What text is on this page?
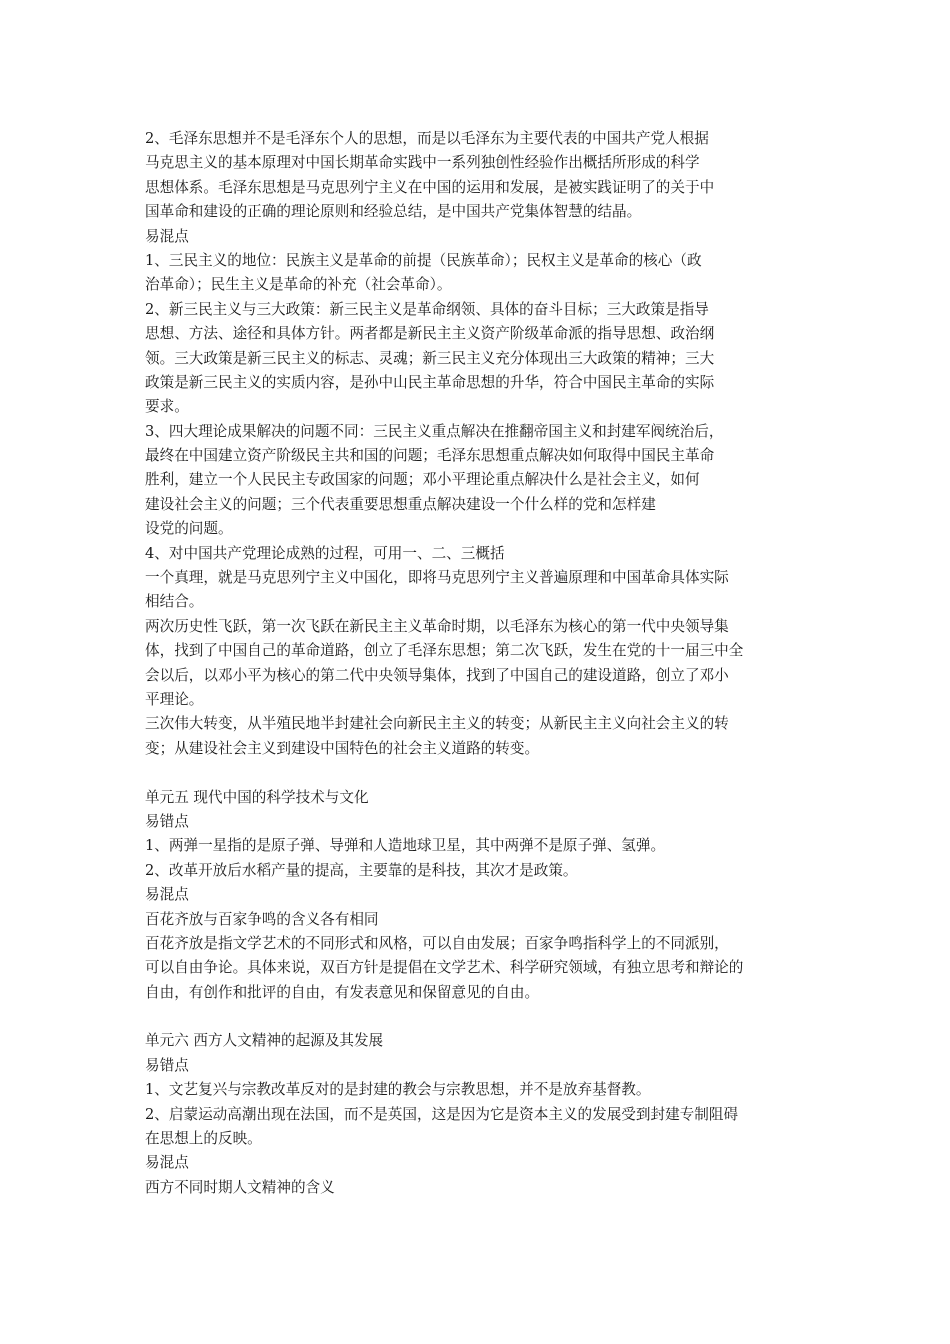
2、毛泽东思想并不是毛泽东个人的思想，而是以毛泽东为主要代表的中国共产党人根据
马克思主义的基本原理对中国长期革命实践中一系列独创性经验作出概括所形成的科学
思想体系。毛泽东思想是马克思列宁主义在中国的运用和发展，是被实践证明了的关于中
国革命和建设的正确的理论原则和经验总结，是中国共产党集体智慧的结晶。
易混点
1、三民主义的地位：民族主义是革命的前提（民族革命）；民权主义是革命的核心（政
治革命）；民生主义是革命的补充（社会革命）。
2、新三民主义与三大政策：新三民主义是革命纲领、具体的奋斗目标；三大政策是指导
思想、方法、途径和具体方针。两者都是新民主主义资产阶级革命派的指导思想、政治纲
领。三大政策是新三民主义的标志、灵魂；新三民主义充分体现出三大政策的精神；三大
政策是新三民主义的实质内容，是孙中山民主革命思想的升华，符合中国民主革命的实际
要求。
3、四大理论成果解决的问题不同：三民主义重点解决在推翻帝国主义和封建军阀统治后，
最终在中国建立资产阶级民主共和国的问题；毛泽东思想重点解决如何取得中国民主革命
胜利，建立一个人民民主专政国家的问题；邓小平理论重点解决什么是社会主义，如何
建设社会主义的问题；三个代表重要思想重点解决建设一个什么样的党和怎样建
设党的问题。
4、对中国共产党理论成熟的过程，可用一、二、三概括
一个真理，就是马克思列宁主义中国化，即将马克思列宁主义普遍原理和中国革命具体实际
相结合。
两次历史性飞跃，第一次飞跃在新民主主义革命时期，以毛泽东为核心的第一代中央领导集
体，找到了中国自己的革命道路，创立了毛泽东思想；第二次飞跃，发生在党的十一届三中全
会以后，以邓小平为核心的第二代中央领导集体，找到了中国自己的建设道路，创立了邓小
平理论。
三次伟大转变，从半殖民地半封建社会向新民主主义的转变；从新民主主义向社会主义的转
变；从建设社会主义到建设中国特色的社会主义道路的转变。
单元五 现代中国的科学技术与文化
易错点
1、两弹一星指的是原子弹、导弹和人造地球卫星，其中两弹不是原子弹、氢弹。
2、改革开放后水稻产量的提高，主要靠的是科技，其次才是政策。
易混点
百花齐放与百家争鸣的含义各有相同
百花齐放是指文学艺术的不同形式和风格，可以自由发展；百家争鸣指科学上的不同派别，
可以自由争论。具体来说，双百方针是提倡在文学艺术、科学研究领域，有独立思考和辩论的
自由，有创作和批评的自由，有发表意见和保留意见的自由。
单元六 西方人文精神的起源及其发展
易错点
1、文艺复兴与宗教改革反对的是封建的教会与宗教思想，并不是放弃基督教。
2、启蒙运动高潮出现在法国，而不是英国，这是因为它是资本主义的发展受到封建专制阻碍
在思想上的反映。
易混点
西方不同时期人文精神的含义
